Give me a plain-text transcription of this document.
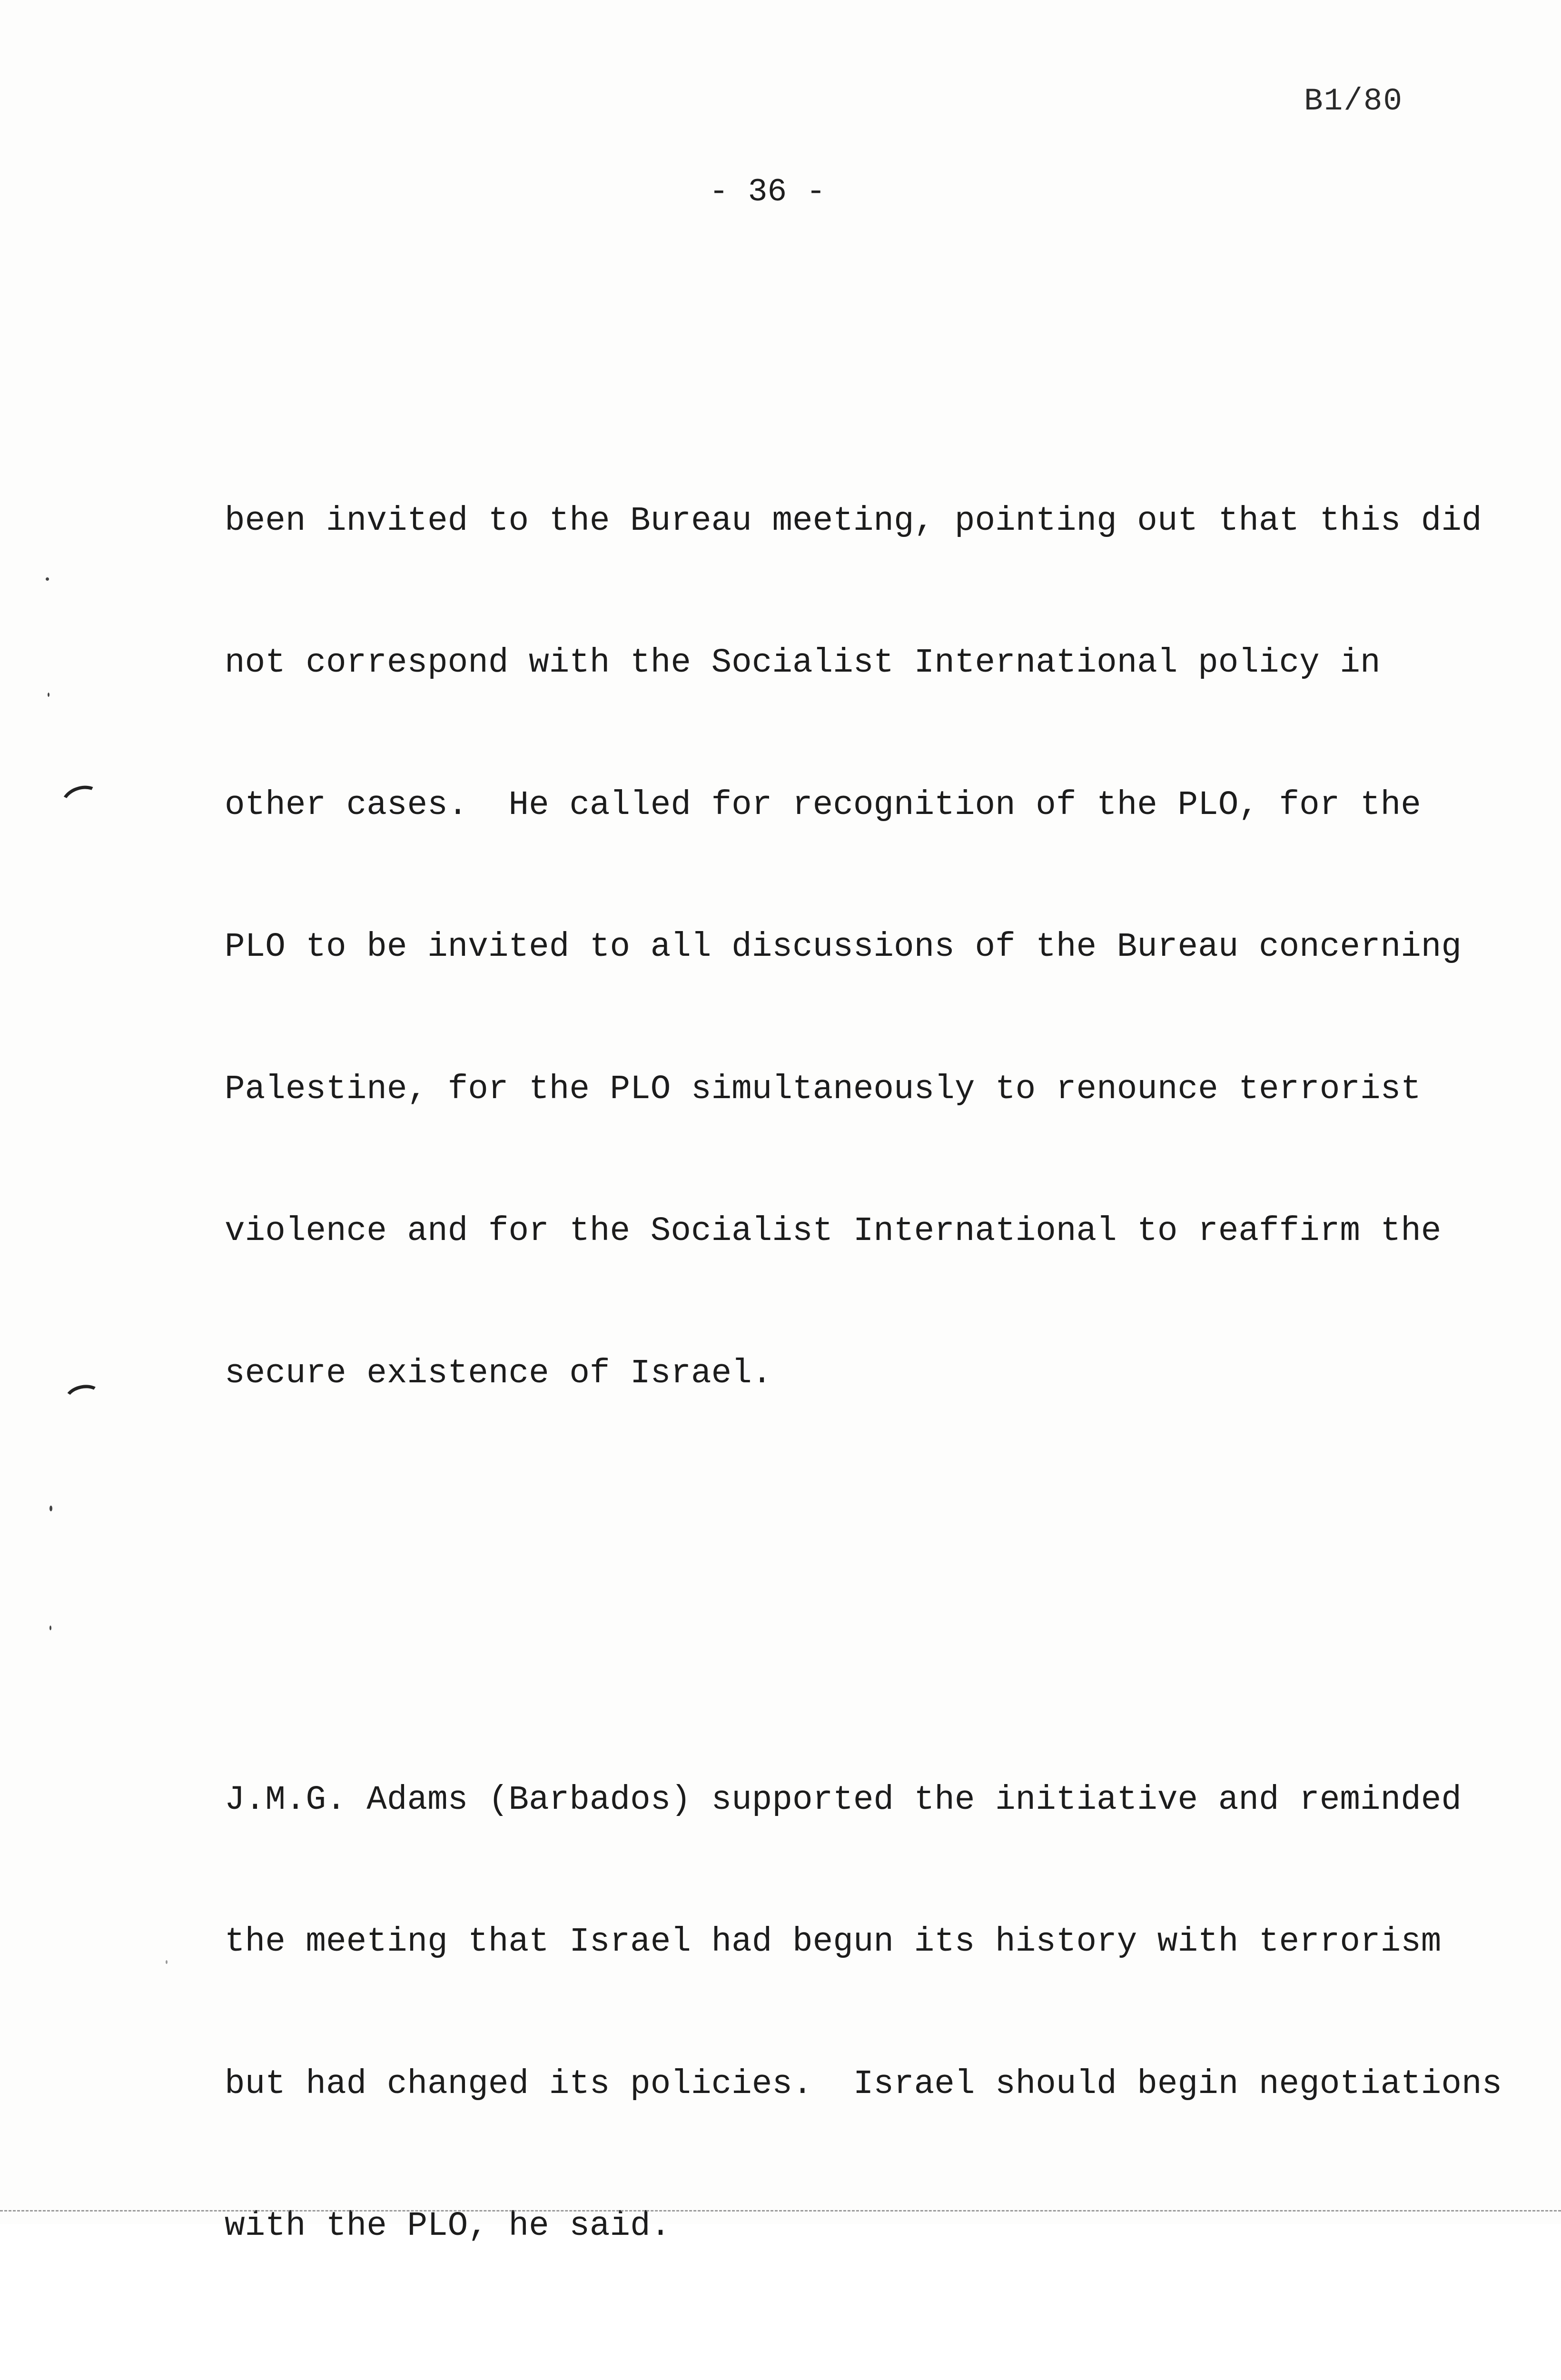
B1/80
- 36 -

been invited to the Bureau meeting, pointing out that this did

not correspond with the Socialist International policy in

other cases.  He called for recognition of the PLO, for the

PLO to be invited to all discussions of the Bureau concerning

Palestine, for the PLO simultaneously to renounce terrorist

violence and for the Socialist International to reaffirm the

secure existence of Israel.

J.M.G. Adams (Barbados) supported the initiative and reminded

the meeting that Israel had begun its history with terrorism

but had changed its policies.  Israel should begin negotiations

with the PLO, he said.
